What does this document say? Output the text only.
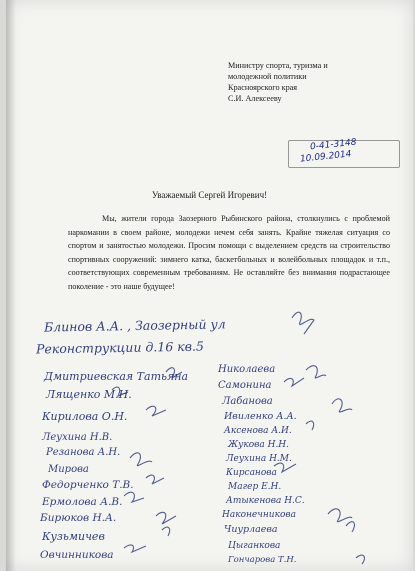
Министру спорта, туризма и
молодежной политики
Красноярского края
С.И. Алексееву
0-41-3148
10.09.2014
Уважаемый Сергей Игоревич!

Мы, жители города Заозерного Рыбинского района, столкнулись с проблемой наркомании в своем районе, молодежи нечем себя занять. Крайне тяжелая ситуация со спортом и занятостью молодежи. Просим помощи с выделением средств на строительство спортивных сооружений: зимнего катка, баскетбольных и волейбольных площадок и т.п., соответствующих современным требованиям. Не оставляйте без внимания подрастающее поколение - это наше будущее!

Блинов А.А. , Заозерный ул
Реконструкции д.16 кв.5
Дмитриевская Татьяна
Лященко М.Н.
Кирилова О.Н.
Леухина Н.В.
Резанова А.Н.
Мирова
Федорченко Т.В.
Ермолова А.В.
Бирюков Н.А.
Кузьмичев
Овчинникова
Николаева
Самонина
Лабанова
Ивиленко А.А.
Аксенова А.И.
Жукова Н.Н.
Леухина Н.М.
Кирсанова
Магер Е.Н.
Атыкенова Н.С.
Наконечникова
Чиурлаева
Цыганкова
Гончарова Т.Н.
